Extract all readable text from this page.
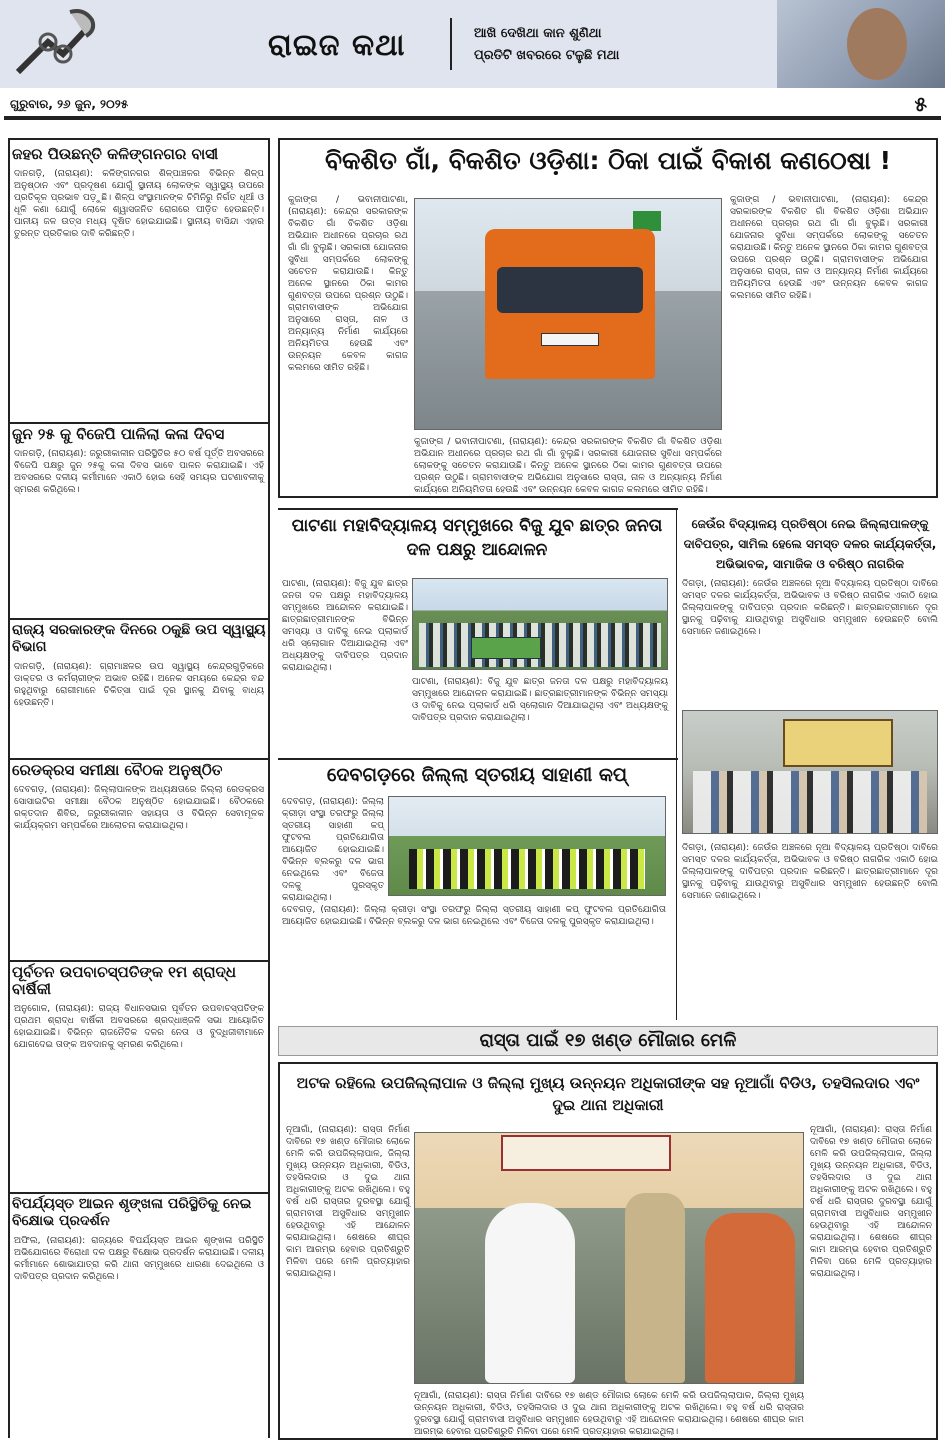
ରାଇଜ କଥା	ଆଖି ଦେଖିଥା କାନ ଶୁଣିଥା
ପ୍ରତିଟି ଖବରରେ ଟଳୁଛି ମଥା
ଗୁରୁବାର, ୨୬ ଜୁନ, ୨୦୨୫	୫
ଜହର ପିଉଛନ୍ତି କଳିଙ୍ଗନଗର ବାସୀ
ଦାନଗଡ଼ି, (ନାରାୟଣ): କଳିଙ୍ଗନଗର ଶିଳ୍ପାଞ୍ଚଳର ବିଭିନ୍ନ ଶିଳ୍ପ ଅନୁଷ୍ଠାନ ଏବଂ ପ୍ରଦୂଷଣ ଯୋଗୁଁ ସ୍ଥାନୀୟ ଲୋକଙ୍କ ସ୍ୱାସ୍ଥ୍ୟ ଉପରେ ପ୍ରତିକୂଳ ପ୍ରଭାବ ପଡ଼ୁଛି। ଶିଳ୍ପ ସଂସ୍ଥାମାନଙ୍କ ଚିମିନିରୁ ନିର୍ଗତ ଧୂଆଁ ଓ ଧୂଳି କଣା ଯୋଗୁଁ ଲୋକେ ଶ୍ୱାସଜନିତ ରୋଗରେ ପୀଡ଼ିତ ହେଉଛନ୍ତି। ପାନୀୟ ଜଳ ଉତ୍ସ ମଧ୍ୟ ଦୂଷିତ ହୋଇଯାଇଛି। ସ୍ଥାନୀୟ ବାସିନ୍ଦା ଏହାର ତୁରନ୍ତ ପ୍ରତିକାର ଦାବି କରିଛନ୍ତି।
ଜୁନ ୨୫ କୁ ବିଜେପି ପାଳିଲା କଳା ଦିବସ
ଦାନଗଡ଼ି, (ନାରାୟଣ): ଜରୁରୀକାଳୀନ ପରିସ୍ଥିତିର ୫୦ ବର୍ଷ ପୂର୍ତ୍ତି ଅବସରରେ ବିଜେପି ପକ୍ଷରୁ ଜୁନ ୨୫କୁ କଳା ଦିବସ ଭାବେ ପାଳନ କରାଯାଇଛି। ଏହି ଅବସରରେ ଦଳୀୟ କର୍ମୀମାନେ ଏକାଠି ହୋଇ ସେହି ସମୟର ଘଟଣାବଳୀକୁ ସ୍ମରଣ କରିଥିଲେ।
ରାଜ୍ୟ ସରକାରଙ୍କ ଦିନରେ ଠକୁଛି ଉପ ସ୍ୱାସ୍ଥ୍ୟ ବିଭାଗ
ଦାନଗଡ଼ି, (ନାରାୟଣ): ଗ୍ରାମାଞ୍ଚଳର ଉପ ସ୍ୱାସ୍ଥ୍ୟ କେନ୍ଦ୍ରଗୁଡ଼ିକରେ ଡାକ୍ତର ଓ କର୍ମଚାରୀଙ୍କ ଅଭାବ ରହିଛି। ଅନେକ ସମୟରେ କେନ୍ଦ୍ର ବନ୍ଦ ରହୁଥିବାରୁ ରୋଗୀମାନେ ଚିକିତ୍ସା ପାଇଁ ଦୂର ସ୍ଥାନକୁ ଯିବାକୁ ବାଧ୍ୟ ହେଉଛନ୍ତି।
ରେଡକ୍ରସ ସମୀକ୍ଷା ବୈଠକ ଅନୁଷ୍ଠିତ
ଦେବଗଡ଼, (ନାରାୟଣ): ଜିଲ୍ଲାପାଳଙ୍କ ଅଧ୍ୟକ୍ଷତାରେ ଜିଲ୍ଲା ରେଡକ୍ରସ ସୋସାଇଟିର ସମୀକ୍ଷା ବୈଠକ ଅନୁଷ୍ଠିତ ହୋଇଯାଇଛି। ବୈଠକରେ ରକ୍ତଦାନ ଶିବିର, ଜରୁରୀକାଳୀନ ସହାୟତା ଓ ବିଭିନ୍ନ ସେବାମୂଳକ କାର୍ଯ୍ୟକ୍ରମ ସମ୍ପର୍କରେ ଆଲୋଚନା କରାଯାଇଥିଲା।
ପୂର୍ବତନ ଉପବାଚସ୍ପତିଙ୍କ ୧ମ ଶ୍ରାଦ୍ଧ ବାର୍ଷିକୀ
ଅନୁଗୋଳ, (ନାରାୟଣ): ରାଜ୍ୟ ବିଧାନସଭାର ପୂର୍ବତନ ଉପବାଚସ୍ପତିଙ୍କ ପ୍ରଥମ ଶ୍ରାଦ୍ଧ ବାର୍ଷିକୀ ଅବସରରେ ଶ୍ରଦ୍ଧାଞ୍ଜଳି ସଭା ଆୟୋଜିତ ହୋଇଯାଇଛି। ବିଭିନ୍ନ ରାଜନୈତିକ ଦଳର ନେତା ଓ ବୁଦ୍ଧିଜୀବୀମାନେ ଯୋଗଦେଇ ତାଙ୍କ ଅବଦାନକୁ ସ୍ମରଣ କରିଥିଲେ।
ବିପର୍ଯ୍ୟସ୍ତ ଆଇନ ଶୃଙ୍ଖଳା ପରିସ୍ଥିତିକୁ ନେଇ ବିକ୍ଷୋଭ ପ୍ରଦର୍ଶନ
ଅଫିଲ, (ନାରାୟଣ): ରାଜ୍ୟରେ ବିପର୍ଯ୍ୟସ୍ତ ଆଇନ ଶୃଙ୍ଖଳା ପରିସ୍ଥିତି ଅଭିଯୋଗରେ ବିରୋଧୀ ଦଳ ପକ୍ଷରୁ ବିକ୍ଷୋଭ ପ୍ରଦର୍ଶନ କରାଯାଇଛି। ଦଳୀୟ କର୍ମୀମାନେ ଶୋଭାଯାତ୍ରା କରି ଥାନା ସମ୍ମୁଖରେ ଧାରଣା ଦେଇଥିଲେ ଓ ଦାବିପତ୍ର ପ୍ରଦାନ କରିଥିଲେ।
ବିକଶିତ ଗାଁ, ବିକଶିତ ଓଡ଼ିଶା: ଠିକା ପାଇଁ ବିକାଶ କଣଠେଷା !
କୁଜାଙ୍ଗ / ଭବାନୀପାଟଣା, (ନାରାୟଣ): କେନ୍ଦ୍ର ସରକାରଙ୍କ ବିକଶିତ ଗାଁ ବିକଶିତ ଓଡ଼ିଶା ଅଭିଯାନ ଅଧୀନରେ ପ୍ରଚାର ରଥ ଗାଁ ଗାଁ ବୁଲୁଛି। ସରକାରୀ ଯୋଜନାର ସୁବିଧା ସମ୍ପର୍କରେ ଲୋକଙ୍କୁ ସଚେତନ କରାଯାଉଛି। କିନ୍ତୁ ଅନେକ ସ୍ଥାନରେ ଠିକା କାମର ଗୁଣବତ୍ତା ଉପରେ ପ୍ରଶ୍ନ ଉଠୁଛି। ଗ୍ରାମବାସୀଙ୍କ ଅଭିଯୋଗ ଅନୁସାରେ ରାସ୍ତା, ନାଳ ଓ ଅନ୍ୟାନ୍ୟ ନିର୍ମାଣ କାର୍ଯ୍ୟରେ ଅନିୟମିତତା ହେଉଛି ଏବଂ ଉନ୍ନୟନ କେବଳ କାଗଜ କଲମରେ ସୀମିତ ରହିଛି।
କୁଜାଙ୍ଗ / ଭବାନୀପାଟଣା, (ନାରାୟଣ): କେନ୍ଦ୍ର ସରକାରଙ୍କ ବିକଶିତ ଗାଁ ବିକଶିତ ଓଡ଼ିଶା ଅଭିଯାନ ଅଧୀନରେ ପ୍ରଚାର ରଥ ଗାଁ ଗାଁ ବୁଲୁଛି। ସରକାରୀ ଯୋଜନାର ସୁବିଧା ସମ୍ପର୍କରେ ଲୋକଙ୍କୁ ସଚେତନ କରାଯାଉଛି। କିନ୍ତୁ ଅନେକ ସ୍ଥାନରେ ଠିକା କାମର ଗୁଣବତ୍ତା ଉପରେ ପ୍ରଶ୍ନ ଉଠୁଛି। ଗ୍ରାମବାସୀଙ୍କ ଅଭିଯୋଗ ଅନୁସାରେ ରାସ୍ତା, ନାଳ ଓ ଅନ୍ୟାନ୍ୟ ନିର୍ମାଣ କାର୍ଯ୍ୟରେ ଅନିୟମିତତା ହେଉଛି ଏବଂ ଉନ୍ନୟନ କେବଳ କାଗଜ କଲମରେ ସୀମିତ ରହିଛି।
କୁଜାଙ୍ଗ / ଭବାନୀପାଟଣା, (ନାରାୟଣ): କେନ୍ଦ୍ର ସରକାରଙ୍କ ବିକଶିତ ଗାଁ ବିକଶିତ ଓଡ଼ିଶା ଅଭିଯାନ ଅଧୀନରେ ପ୍ରଚାର ରଥ ଗାଁ ଗାଁ ବୁଲୁଛି। ସରକାରୀ ଯୋଜନାର ସୁବିଧା ସମ୍ପର୍କରେ ଲୋକଙ୍କୁ ସଚେତନ କରାଯାଉଛି। କିନ୍ତୁ ଅନେକ ସ୍ଥାନରେ ଠିକା କାମର ଗୁଣବତ୍ତା ଉପରେ ପ୍ରଶ୍ନ ଉଠୁଛି। ଗ୍ରାମବାସୀଙ୍କ ଅଭିଯୋଗ ଅନୁସାରେ ରାସ୍ତା, ନାଳ ଓ ଅନ୍ୟାନ୍ୟ ନିର୍ମାଣ କାର୍ଯ୍ୟରେ ଅନିୟମିତତା ହେଉଛି ଏବଂ ଉନ୍ନୟନ କେବଳ କାଗଜ କଲମରେ ସୀମିତ ରହିଛି।
ପାଟଣା ମହାବିଦ୍ୟାଳୟ ସମ୍ମୁଖରେ ବିଜୁ ଯୁବ ଛାତ୍ର ଜନତା ଦଳ ପକ୍ଷରୁ ଆନ୍ଦୋଳନ
ପାଟଣା, (ନାରାୟଣ): ବିଜୁ ଯୁବ ଛାତ୍ର ଜନତା ଦଳ ପକ୍ଷରୁ ମହାବିଦ୍ୟାଳୟ ସମ୍ମୁଖରେ ଆନ୍ଦୋଳନ କରାଯାଇଛି। ଛାତ୍ରଛାତ୍ରୀମାନଙ୍କ ବିଭିନ୍ନ ସମସ୍ୟା ଓ ଦାବିକୁ ନେଇ ପ୍ଲାକାର୍ଡ ଧରି ସ୍ଲୋଗାନ ଦିଆଯାଇଥିଲା ଏବଂ ଅଧ୍ୟକ୍ଷଙ୍କୁ ଦାବିପତ୍ର ପ୍ରଦାନ କରାଯାଇଥିଲା।
ପାଟଣା, (ନାରାୟଣ): ବିଜୁ ଯୁବ ଛାତ୍ର ଜନତା ଦଳ ପକ୍ଷରୁ ମହାବିଦ୍ୟାଳୟ ସମ୍ମୁଖରେ ଆନ୍ଦୋଳନ କରାଯାଇଛି। ଛାତ୍ରଛାତ୍ରୀମାନଙ୍କ ବିଭିନ୍ନ ସମସ୍ୟା ଓ ଦାବିକୁ ନେଇ ପ୍ଲାକାର୍ଡ ଧରି ସ୍ଲୋଗାନ ଦିଆଯାଇଥିଲା ଏବଂ ଅଧ୍ୟକ୍ଷଙ୍କୁ ଦାବିପତ୍ର ପ୍ରଦାନ କରାଯାଇଥିଲା।
ଦେବଗଡ଼ରେ ଜିଲ୍ଲା ସ୍ତରୀୟ ସାହାଣୀ କପ୍
ଦେବଗଡ଼, (ନାରାୟଣ): ଜିଲ୍ଲା କ୍ରୀଡ଼ା ସଂସ୍ଥା ତରଫରୁ ଜିଲ୍ଲା ସ୍ତରୀୟ ସାହାଣୀ କପ୍ ଫୁଟବଲ ପ୍ରତିଯୋଗିତା ଆୟୋଜିତ ହୋଇଯାଇଛି। ବିଭିନ୍ନ ବ୍ଲକରୁ ଦଳ ଭାଗ ନେଇଥିଲେ ଏବଂ ବିଜେତା ଦଳକୁ ପୁରସ୍କୃତ କରାଯାଇଥିଲା।
ଦେବଗଡ଼, (ନାରାୟଣ): ଜିଲ୍ଲା କ୍ରୀଡ଼ା ସଂସ୍ଥା ତରଫରୁ ଜିଲ୍ଲା ସ୍ତରୀୟ ସାହାଣୀ କପ୍ ଫୁଟବଲ ପ୍ରତିଯୋଗିତା ଆୟୋଜିତ ହୋଇଯାଇଛି। ବିଭିନ୍ନ ବ୍ଲକରୁ ଦଳ ଭାଗ ନେଇଥିଲେ ଏବଂ ବିଜେତା ଦଳକୁ ପୁରସ୍କୃତ କରାଯାଇଥିଲା।
ଜେଉଁର ବିଦ୍ୟାଳୟ ପ୍ରତିଷ୍ଠା ନେଇ ଜିଲ୍ଲାପାଳଙ୍କୁ ଦାବିପତ୍ର, ସାମିଲ ହେଲେ ସମସ୍ତ ଦଳର କାର୍ଯ୍ୟକର୍ତ୍ତା, ଅଭିଭାବକ, ସାମାଜିକ ଓ ବରିଷ୍ଠ ନାଗରିକ
ଦିଗଡ଼ା, (ନାରାୟଣ): ଜେଉଁର ଅଞ୍ଚଳରେ ନୂଆ ବିଦ୍ୟାଳୟ ପ୍ରତିଷ୍ଠା ଦାବିରେ ସମସ୍ତ ଦଳର କାର୍ଯ୍ୟକର୍ତ୍ତା, ଅଭିଭାବକ ଓ ବରିଷ୍ଠ ନାଗରିକ ଏକାଠି ହୋଇ ଜିଲ୍ଲାପାଳଙ୍କୁ ଦାବିପତ୍ର ପ୍ରଦାନ କରିଛନ୍ତି। ଛାତ୍ରଛାତ୍ରୀମାନେ ଦୂର ସ୍ଥାନକୁ ପଢ଼ିବାକୁ ଯାଉଥିବାରୁ ଅସୁବିଧାର ସମ୍ମୁଖୀନ ହେଉଛନ୍ତି ବୋଲି ସେମାନେ ଜଣାଇଥିଲେ।
ଦିଗଡ଼ା, (ନାରାୟଣ): ଜେଉଁର ଅଞ୍ଚଳରେ ନୂଆ ବିଦ୍ୟାଳୟ ପ୍ରତିଷ୍ଠା ଦାବିରେ ସମସ୍ତ ଦଳର କାର୍ଯ୍ୟକର୍ତ୍ତା, ଅଭିଭାବକ ଓ ବରିଷ୍ଠ ନାଗରିକ ଏକାଠି ହୋଇ ଜିଲ୍ଲାପାଳଙ୍କୁ ଦାବିପତ୍ର ପ୍ରଦାନ କରିଛନ୍ତି। ଛାତ୍ରଛାତ୍ରୀମାନେ ଦୂର ସ୍ଥାନକୁ ପଢ଼ିବାକୁ ଯାଉଥିବାରୁ ଅସୁବିଧାର ସମ୍ମୁଖୀନ ହେଉଛନ୍ତି ବୋଲି ସେମାନେ ଜଣାଇଥିଲେ।
ରାସ୍ତା ପାଇଁ ୧୭ ଖଣ୍ଡ ମୌଜାର ମେଳି
ଅଟକ ରହିଲେ ଉପଜିଲ୍ଲାପାଳ ଓ ଜିଲ୍ଲା ମୁଖ୍ୟ ଉନ୍ନୟନ ଅଧିକାରୀଙ୍କ ସହ ନୂଆଗାଁ ବିଡିଓ, ତହସିଲଦାର ଏବଂ ଦୁଇ ଥାନା ଅଧିକାରୀ
ନୂଆଗାଁ, (ନାରାୟଣ): ରାସ୍ତା ନିର୍ମାଣ ଦାବିରେ ୧୭ ଖଣ୍ଡ ମୌଜାର ଲୋକେ ମେଳି କରି ଉପଜିଲ୍ଲାପାଳ, ଜିଲ୍ଲା ମୁଖ୍ୟ ଉନ୍ନୟନ ଅଧିକାରୀ, ବିଡିଓ, ତହସିଲଦାର ଓ ଦୁଇ ଥାନା ଅଧିକାରୀଙ୍କୁ ଅଟକ ରଖିଥିଲେ। ବହୁ ବର୍ଷ ଧରି ରାସ୍ତାର ଦୁରବସ୍ଥା ଯୋଗୁଁ ଗ୍ରାମବାସୀ ଅସୁବିଧାର ସମ୍ମୁଖୀନ ହେଉଥିବାରୁ ଏହି ଆନ୍ଦୋଳନ କରାଯାଇଥିଲା। ଶେଷରେ ଶୀଘ୍ର କାମ ଆରମ୍ଭ ହେବାର ପ୍ରତିଶ୍ରୁତି ମିଳିବା ପରେ ମେଳି ପ୍ରତ୍ୟାହାର କରାଯାଇଥିଲା।
ନୂଆଗାଁ, (ନାରାୟଣ): ରାସ୍ତା ନିର୍ମାଣ ଦାବିରେ ୧୭ ଖଣ୍ଡ ମୌଜାର ଲୋକେ ମେଳି କରି ଉପଜିଲ୍ଲାପାଳ, ଜିଲ୍ଲା ମୁଖ୍ୟ ଉନ୍ନୟନ ଅଧିକାରୀ, ବିଡିଓ, ତହସିଲଦାର ଓ ଦୁଇ ଥାନା ଅଧିକାରୀଙ୍କୁ ଅଟକ ରଖିଥିଲେ। ବହୁ ବର୍ଷ ଧରି ରାସ୍ତାର ଦୁରବସ୍ଥା ଯୋଗୁଁ ଗ୍ରାମବାସୀ ଅସୁବିଧାର ସମ୍ମୁଖୀନ ହେଉଥିବାରୁ ଏହି ଆନ୍ଦୋଳନ କରାଯାଇଥିଲା। ଶେଷରେ ଶୀଘ୍ର କାମ ଆରମ୍ଭ ହେବାର ପ୍ରତିଶ୍ରୁତି ମିଳିବା ପରେ ମେଳି ପ୍ରତ୍ୟାହାର କରାଯାଇଥିଲା।
ନୂଆଗାଁ, (ନାରାୟଣ): ରାସ୍ତା ନିର୍ମାଣ ଦାବିରେ ୧୭ ଖଣ୍ଡ ମୌଜାର ଲୋକେ ମେଳି କରି ଉପଜିଲ୍ଲାପାଳ, ଜିଲ୍ଲା ମୁଖ୍ୟ ଉନ୍ନୟନ ଅଧିକାରୀ, ବିଡିଓ, ତହସିଲଦାର ଓ ଦୁଇ ଥାନା ଅଧିକାରୀଙ୍କୁ ଅଟକ ରଖିଥିଲେ। ବହୁ ବର୍ଷ ଧରି ରାସ୍ତାର ଦୁରବସ୍ଥା ଯୋଗୁଁ ଗ୍ରାମବାସୀ ଅସୁବିଧାର ସମ୍ମୁଖୀନ ହେଉଥିବାରୁ ଏହି ଆନ୍ଦୋଳନ କରାଯାଇଥିଲା। ଶେଷରେ ଶୀଘ୍ର କାମ ଆରମ୍ଭ ହେବାର ପ୍ରତିଶ୍ରୁତି ମିଳିବା ପରେ ମେଳି ପ୍ରତ୍ୟାହାର କରାଯାଇଥିଲା।
